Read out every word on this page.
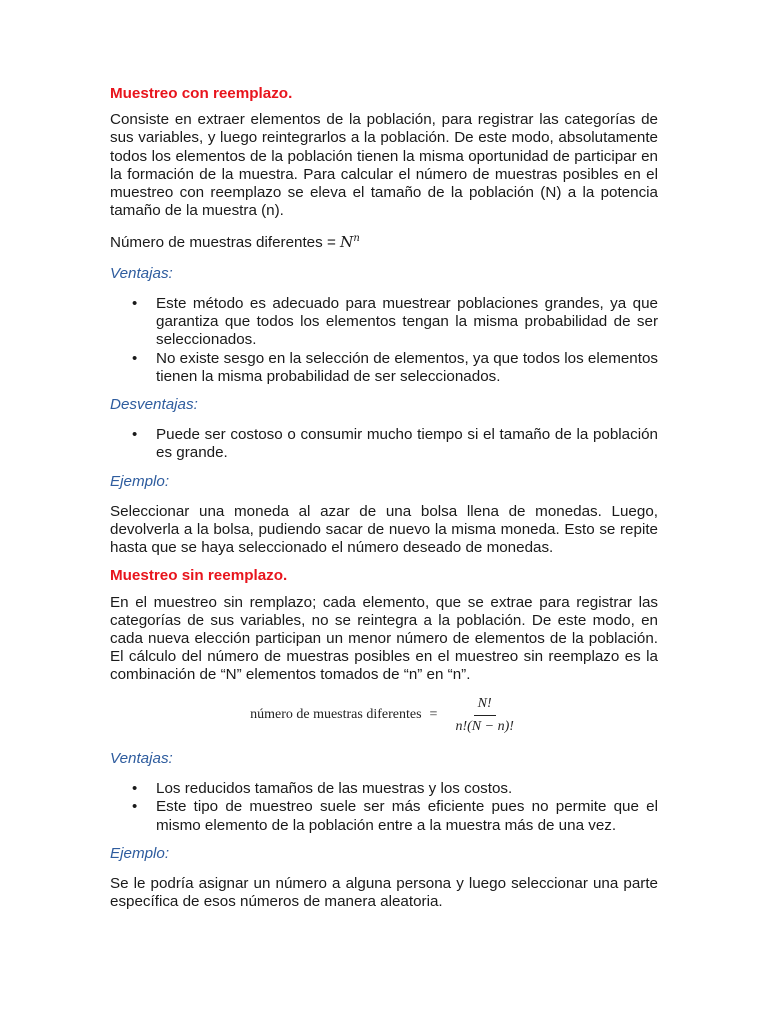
Muestreo con reemplazo.

Consiste en extraer elementos de la población, para registrar las categorías de sus variables, y luego reintegrarlos a la población. De este modo, absolutamente todos los elementos de la población tienen la misma oportunidad de participar en la formación de la muestra. Para calcular el número de muestras posibles en el muestreo con reemplazo se eleva el tamaño de la población (N) a la potencia tamaño de la muestra (n).

Número de muestras diferentes = $N^n$

Ventajas:

• Este método es adecuado para muestrear poblaciones grandes, ya que garantiza que todos los elementos tengan la misma probabilidad de ser seleccionados.
• No existe sesgo en la selección de elementos, ya que todos los elementos tienen la misma probabilidad de ser seleccionados.

Desventajas:

• Puede ser costoso o consumir mucho tiempo si el tamaño de la población es grande.

Ejemplo:

Seleccionar una moneda al azar de una bolsa llena de monedas. Luego, devolverla a la bolsa, pudiendo sacar de nuevo la misma moneda. Esto se repite hasta que se haya seleccionado el número deseado de monedas.

Muestreo sin reemplazo.

En el muestreo sin remplazo; cada elemento, que se extrae para registrar las categorías de sus variables, no se reintegra a la población. De este modo, en cada nueva elección participan un menor número de elementos de la población. El cálculo del número de muestras posibles en el muestreo sin reemplazo es la combinación de “N” elementos tomados de “n” en “n”.

número de muestras diferentes = $\frac{N!}{n!(N - n)!}$

Ventajas:

• Los reducidos tamaños de las muestras y los costos.
• Este tipo de muestreo suele ser más eficiente pues no permite que el mismo elemento de la población entre a la muestra más de una vez.

Ejemplo:

Se le podría asignar un número a alguna persona y luego seleccionar una parte específica de esos números de manera aleatoria.
